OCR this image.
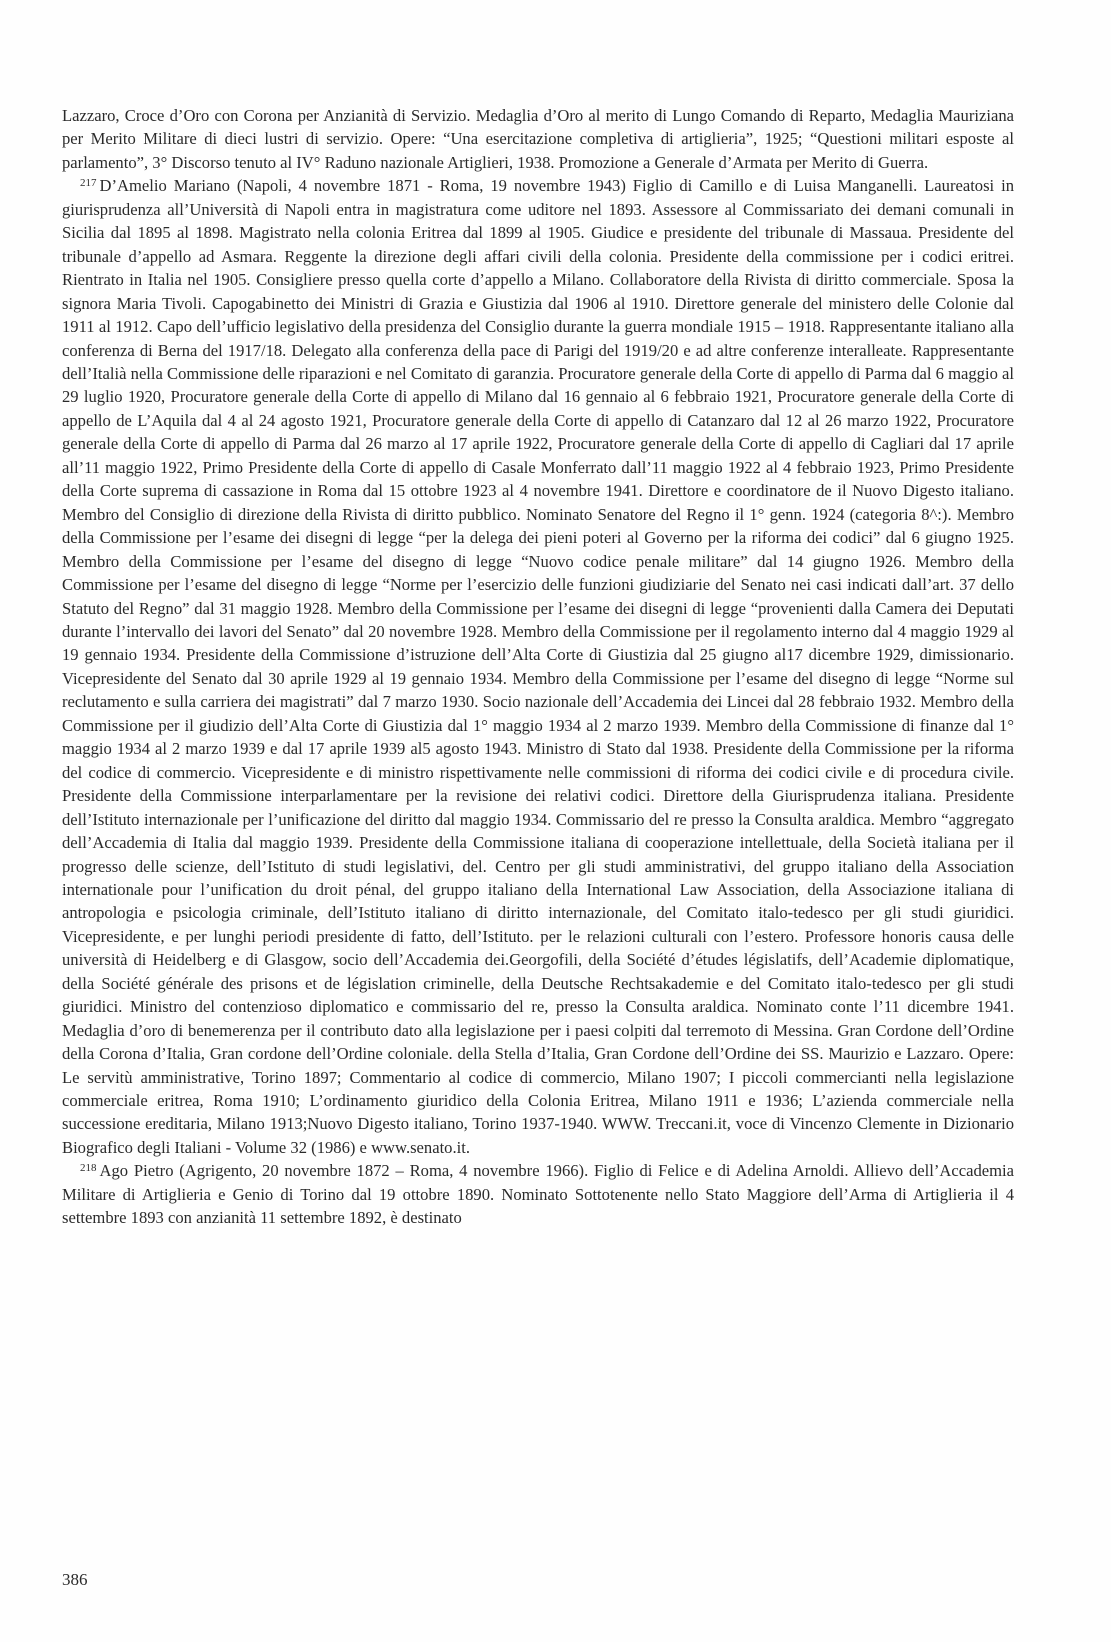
Lazzaro, Croce d’Oro con Corona per Anzianità di Servizio. Medaglia d’Oro al merito di Lungo Comando di Reparto, Medaglia Mauriziana per Merito Militare di dieci lustri di servizio. Opere: “Una esercitazione completiva di artiglieria”, 1925; “Questioni militari esposte al parlamento”, 3° Discorso tenuto al IV° Raduno nazionale Artiglieri, 1938. Promozione a Generale d’Armata per Merito di Guerra.

$^{217}$ D’Amelio Mariano (Napoli, 4 novembre 1871 - Roma, 19 novembre 1943) Figlio di Camillo e di Luisa Manganelli. Laureatosi in giurisprudenza all’Università di Napoli entra in magistratura come uditore nel 1893. Assessore al Commissariato dei demani comunali in Sicilia dal 1895 al 1898. Magistrato nella colonia Eritrea dal 1899 al 1905. Giudice e presidente del tribunale di Massaua. Presidente del tribunale d’appello ad Asmara. Reggente la direzione degli affari civili della colonia. Presidente della commissione per i codici eritrei. Rientrato in Italia nel 1905. Consigliere presso quella corte d’appello a Milano. Collaboratore della Rivista di diritto commerciale. Sposa la signora Maria Tivoli. Capogabinetto dei Ministri di Grazia e Giustizia dal 1906 al 1910. Direttore generale del ministero delle Colonie dal 1911 al 1912. Capo dell’ufficio legislativo della presidenza del Consiglio durante la guerra mondiale 1915 – 1918. Rappresentante italiano alla conferenza di Berna del 1917/18. Delegato alla conferenza della pace di Parigi del 1919/20 e ad altre conferenze interalleate. Rappresentante dell’Italià nella Commissione delle riparazioni e nel Comitato di garanzia. Procuratore generale della Corte di appello di Parma dal 6 maggio al 29 luglio 1920, Procuratore generale della Corte di appello di Milano dal 16 gennaio al 6 febbraio 1921, Procuratore generale della Corte di appello de L’Aquila dal 4 al 24 agosto 1921, Procuratore generale della Corte di appello di Catanzaro dal 12 al 26 marzo 1922, Procuratore generale della Corte di appello di Parma dal 26 marzo al 17 aprile 1922, Procuratore generale della Corte di appello di Cagliari dal 17 aprile all’11 maggio 1922, Primo Presidente della Corte di appello di Casale Monferrato dall’11 maggio 1922 al 4 febbraio 1923, Primo Presidente della Corte suprema di cassazione in Roma dal 15 ottobre 1923 al 4 novembre 1941. Direttore e coordinatore de il Nuovo Digesto italiano. Membro del Consiglio di direzione della Rivista di diritto pubblico. Nominato Senatore del Regno il 1° genn. 1924 (categoria 8^:). Membro della Commissione per l’esame dei disegni di legge “per la delega dei pieni poteri al Governo per la riforma dei codici” dal 6 giugno 1925. Membro della Commissione per l’esame del disegno di legge “Nuovo codice penale militare” dal 14 giugno 1926. Membro della Commissione per l’esame del disegno di legge “Norme per l’esercizio delle funzioni giudiziarie del Senato nei casi indicati dall’art. 37 dello Statuto del Regno” dal 31 maggio 1928. Membro della Commissione per l’esame dei disegni di legge “provenienti dalla Camera dei Deputati durante l’intervallo dei lavori del Senato” dal 20 novembre 1928. Membro della Commissione per il regolamento interno dal 4 maggio 1929 al 19 gennaio 1934. Presidente della Commissione d’istruzione dell’Alta Corte di Giustizia dal 25 giugno al17 dicembre 1929, dimissionario. Vicepresidente del Senato dal 30 aprile 1929 al 19 gennaio 1934. Membro della Commissione per l’esame del disegno di legge “Norme sul reclutamento e sulla carriera dei magistrati” dal 7 marzo 1930. Socio nazionale dell’Accademia dei Lincei dal 28 febbraio 1932. Membro della Commissione per il giudizio dell’Alta Corte di Giustizia dal 1° maggio 1934 al 2 marzo 1939. Membro della Commissione di finanze dal 1° maggio 1934 al 2 marzo 1939 e dal 17 aprile 1939 al5 agosto 1943. Ministro di Stato dal 1938. Presidente della Commissione per la riforma del codice di commercio. Vicepresidente e di ministro rispettivamente nelle commissioni di riforma dei codici civile e di procedura civile. Presidente della Commissione interparlamentare per la revisione dei relativi codici. Direttore della Giurisprudenza italiana. Presidente dell’Istituto internazionale per l’unificazione del diritto dal maggio 1934. Commissario del re presso la Consulta araldica. Membro “aggregato dell’Accademia di Italia dal maggio 1939. Presidente della Commissione italiana di cooperazione intellettuale, della Società italiana per il progresso delle scienze, dell’Istituto di studi legislativi, del. Centro per gli studi amministrativi, del gruppo italiano della Association internationale pour l’unification du droit pénal, del gruppo italiano della International Law Association, della Associazione italiana di antropologia e psicologia criminale, dell’Istituto italiano di diritto internazionale, del Comitato italo-tedesco per gli studi giuridici. Vicepresidente, e per lunghi periodi presidente di fatto, dell’Istituto. per le relazioni culturali con l’estero. Professore honoris causa delle università di Heidelberg e di Glasgow, socio dell’Accademia dei.Georgofili, della Société d’études législatifs, dell’Academie diplomatique, della Société générale des prisons et de législation criminelle, della Deutsche Rechtsakademie e del Comitato italo-tedesco per gli studi giuridici. Ministro del contenzioso diplomatico e commissario del re, presso la Consulta araldica. Nominato conte l’11 dicembre 1941. Medaglia d’oro di benemerenza per il contributo dato alla legislazione per i paesi colpiti dal terremoto di Messina. Gran Cordone dell’Ordine della Corona d’Italia, Gran cordone dell’Ordine coloniale. della Stella d’Italia, Gran Cordone dell’Ordine dei SS. Maurizio e Lazzaro. Opere: Le servitù amministrative, Torino 1897; Commentario al codice di commercio, Milano 1907; I piccoli commercianti nella legislazione commerciale eritrea, Roma 1910; L’ordinamento giuridico della Colonia Eritrea, Milano 1911 e 1936; L’azienda commerciale nella successione ereditaria, Milano 1913;Nuovo Digesto italiano, Torino 1937-1940. WWW. Treccani.it, voce di Vincenzo Clemente in Dizionario Biografico degli Italiani - Volume 32 (1986) e www.senato.it.

$^{218}$ Ago Pietro (Agrigento, 20 novembre 1872 – Roma, 4 novembre 1966). Figlio di Felice e di Adelina Arnoldi. Allievo dell’Accademia Militare di Artiglieria e Genio di Torino dal 19 ottobre 1890. Nominato Sottotenente nello Stato Maggiore dell’Arma di Artiglieria il 4 settembre 1893 con anzianità 11 settembre 1892, è destinato

386
